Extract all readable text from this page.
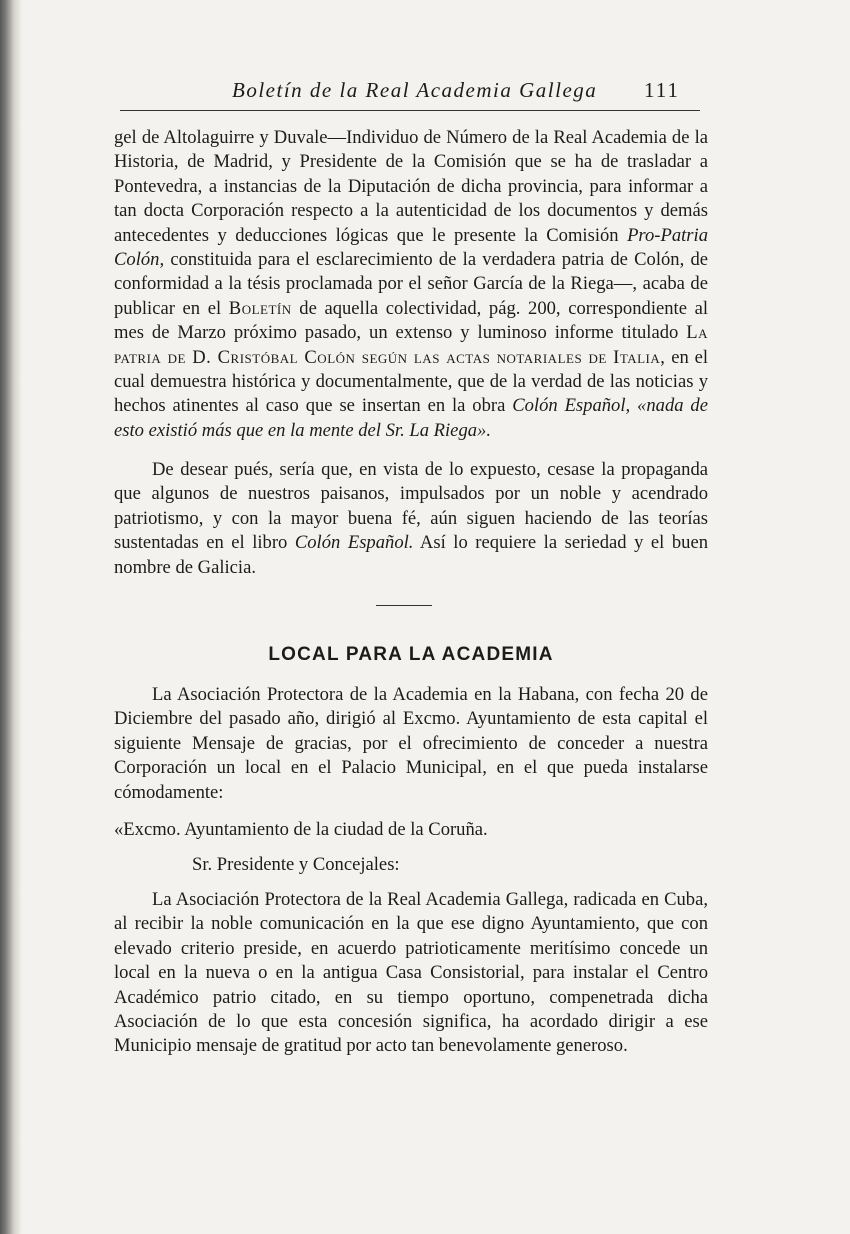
Boletín de la Real Academia Gallega 111

gel de Altolaguirre y Duvale—Individuo de Número de la Real Academia de la Historia, de Madrid, y Presidente de la Comisión que se ha de trasladar a Pontevedra, a instancias de la Diputación de dicha provincia, para informar a tan docta Corporación respecto a la autenticidad de los documentos y demás antecedentes y deducciones lógicas que le presente la Comisión Pro-Patria Colón, constituida para el esclarecimiento de la verdadera patria de Colón, de conformidad a la tésis proclamada por el señor García de la Riega—, acaba de publicar en el Boletín de aquella colectividad, pág. 200, correspondiente al mes de Marzo próximo pasado, un extenso y luminoso informe titulado La patria de D. Cristóbal Colón según las actas notariales de Italia, en el cual demuestra histórica y documentalmente, que de la verdad de las noticias y hechos atinentes al caso que se insertan en la obra Colón Español, «nada de esto existió más que en la mente del Sr. La Riega».

De desear pués, sería que, en vista de lo expuesto, cesase la propaganda que algunos de nuestros paisanos, impulsados por un noble y acendrado patriotismo, y con la mayor buena fé, aún siguen haciendo de las teorías sustentadas en el libro Colón Español. Así lo requiere la seriedad y el buen nombre de Galicia.

LOCAL PARA LA ACADEMIA

La Asociación Protectora de la Academia en la Habana, con fecha 20 de Diciembre del pasado año, dirigió al Excmo. Ayuntamiento de esta capital el siguiente Mensaje de gracias, por el ofrecimiento de conceder a nuestra Corporación un local en el Palacio Municipal, en el que pueda instalarse cómodamente:

«Excmo. Ayuntamiento de la ciudad de la Coruña.

Sr. Presidente y Concejales:

La Asociación Protectora de la Real Academia Gallega, radicada en Cuba, al recibir la noble comunicación en la que ese digno Ayuntamiento, que con elevado criterio preside, en acuerdo patrioticamente meritísimo concede un local en la nueva o en la antigua Casa Consistorial, para instalar el Centro Académico patrio citado, en su tiempo oportuno, compenetrada dicha Asociación de lo que esta concesión significa, ha acordado dirigir a ese Municipio mensaje de gratitud por acto tan benevolamente generoso.
